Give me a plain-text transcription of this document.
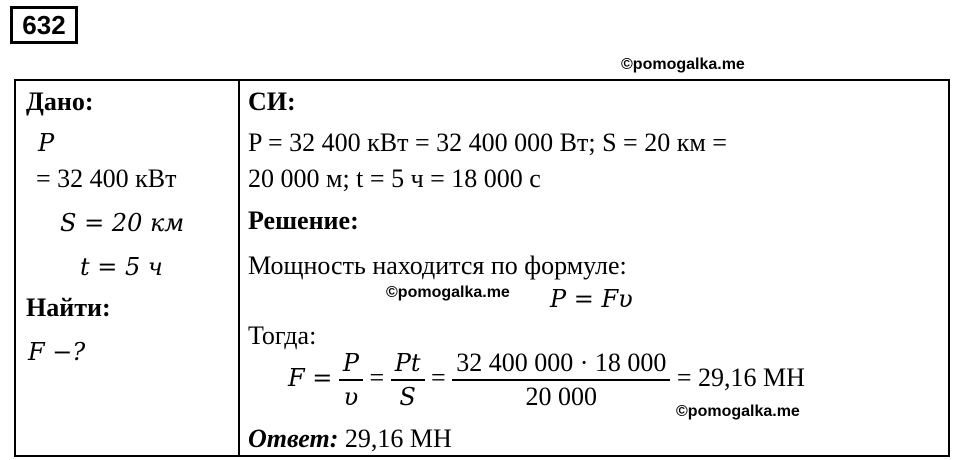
632
©pomogalka.me
Дано:
P
= 32 400 кВт
S = 20 км
t = 5 ч
Найти:
F −?
СИ:
P = 32 400 кВт = 32 400 000 Вт; S = 20 км =
20 000 м; t = 5 ч = 18 000 с
Решение:
Мощность находится по формуле:
©pomogalka.me P = Fυ
Тогда:
$F = \frac{P}{\upsilon} = \frac{Pt}{S} = \frac{32 400 000 \cdot 18 000}{20 000} = 29,16$ МН
©pomogalka.me
Ответ: 29,16 МН
